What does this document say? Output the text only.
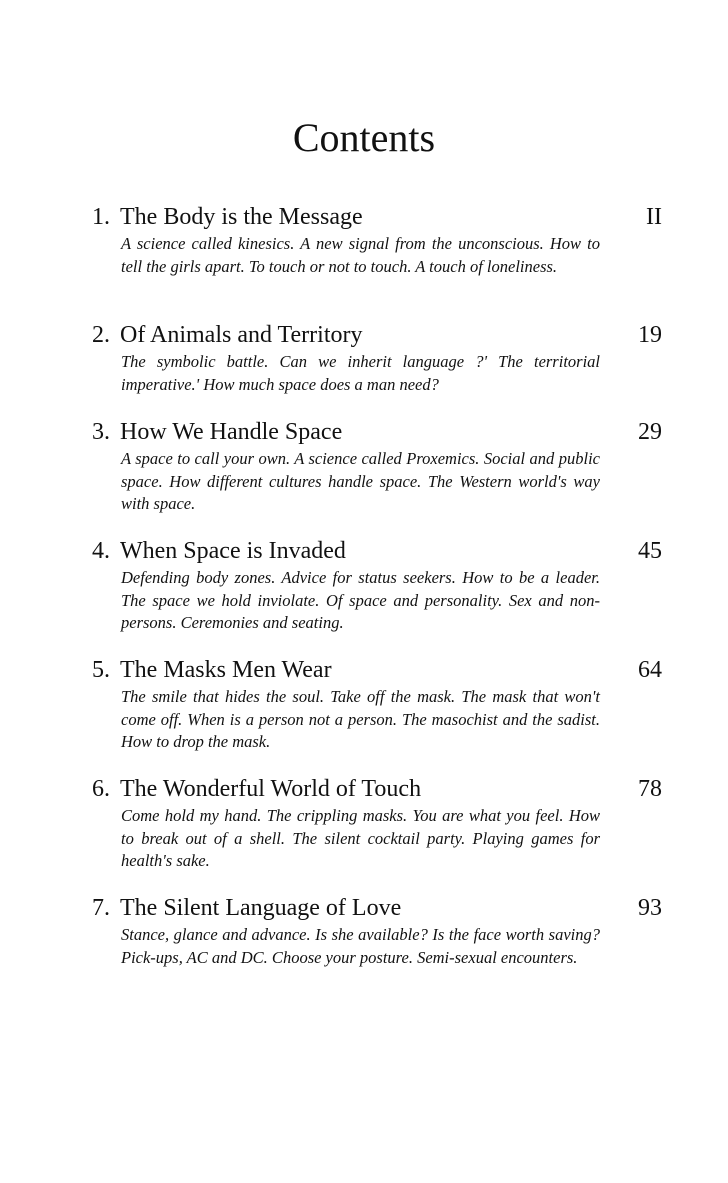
Contents
1. The Body is the Message	II

A science called kinesics. A new signal from the unconscious. How to tell the girls apart. To touch or not to touch. A touch of loneliness.

2. Of Animals and Territory	19

The symbolic battle. Can we inherit language ?' The territorial imperative.' How much space does a man need?

3. How We Handle Space	29

A space to call your own. A science called Proxemics. Social and public space. How different cultures handle space. The Western world's way with space.

4. When Space is Invaded	45

Defending body zones. Advice for status seekers. How to be a leader. The space we hold inviolate. Of space and personality. Sex and non-persons. Ceremonies and seating.

5. The Masks Men Wear	64

The smile that hides the soul. Take off the mask. The mask that won't come off. When is a person not a person. The masochist and the sadist. How to drop the mask.

6. The Wonderful World of Touch	78

Come hold my hand. The crippling masks. You are what you feel. How to break out of a shell. The silent cocktail party. Playing games for health's sake.

7. The Silent Language of Love	93

Stance, glance and advance. Is she available? Is the face worth saving? Pick-ups, AC and DC. Choose your posture. Semi-sexual encounters.
